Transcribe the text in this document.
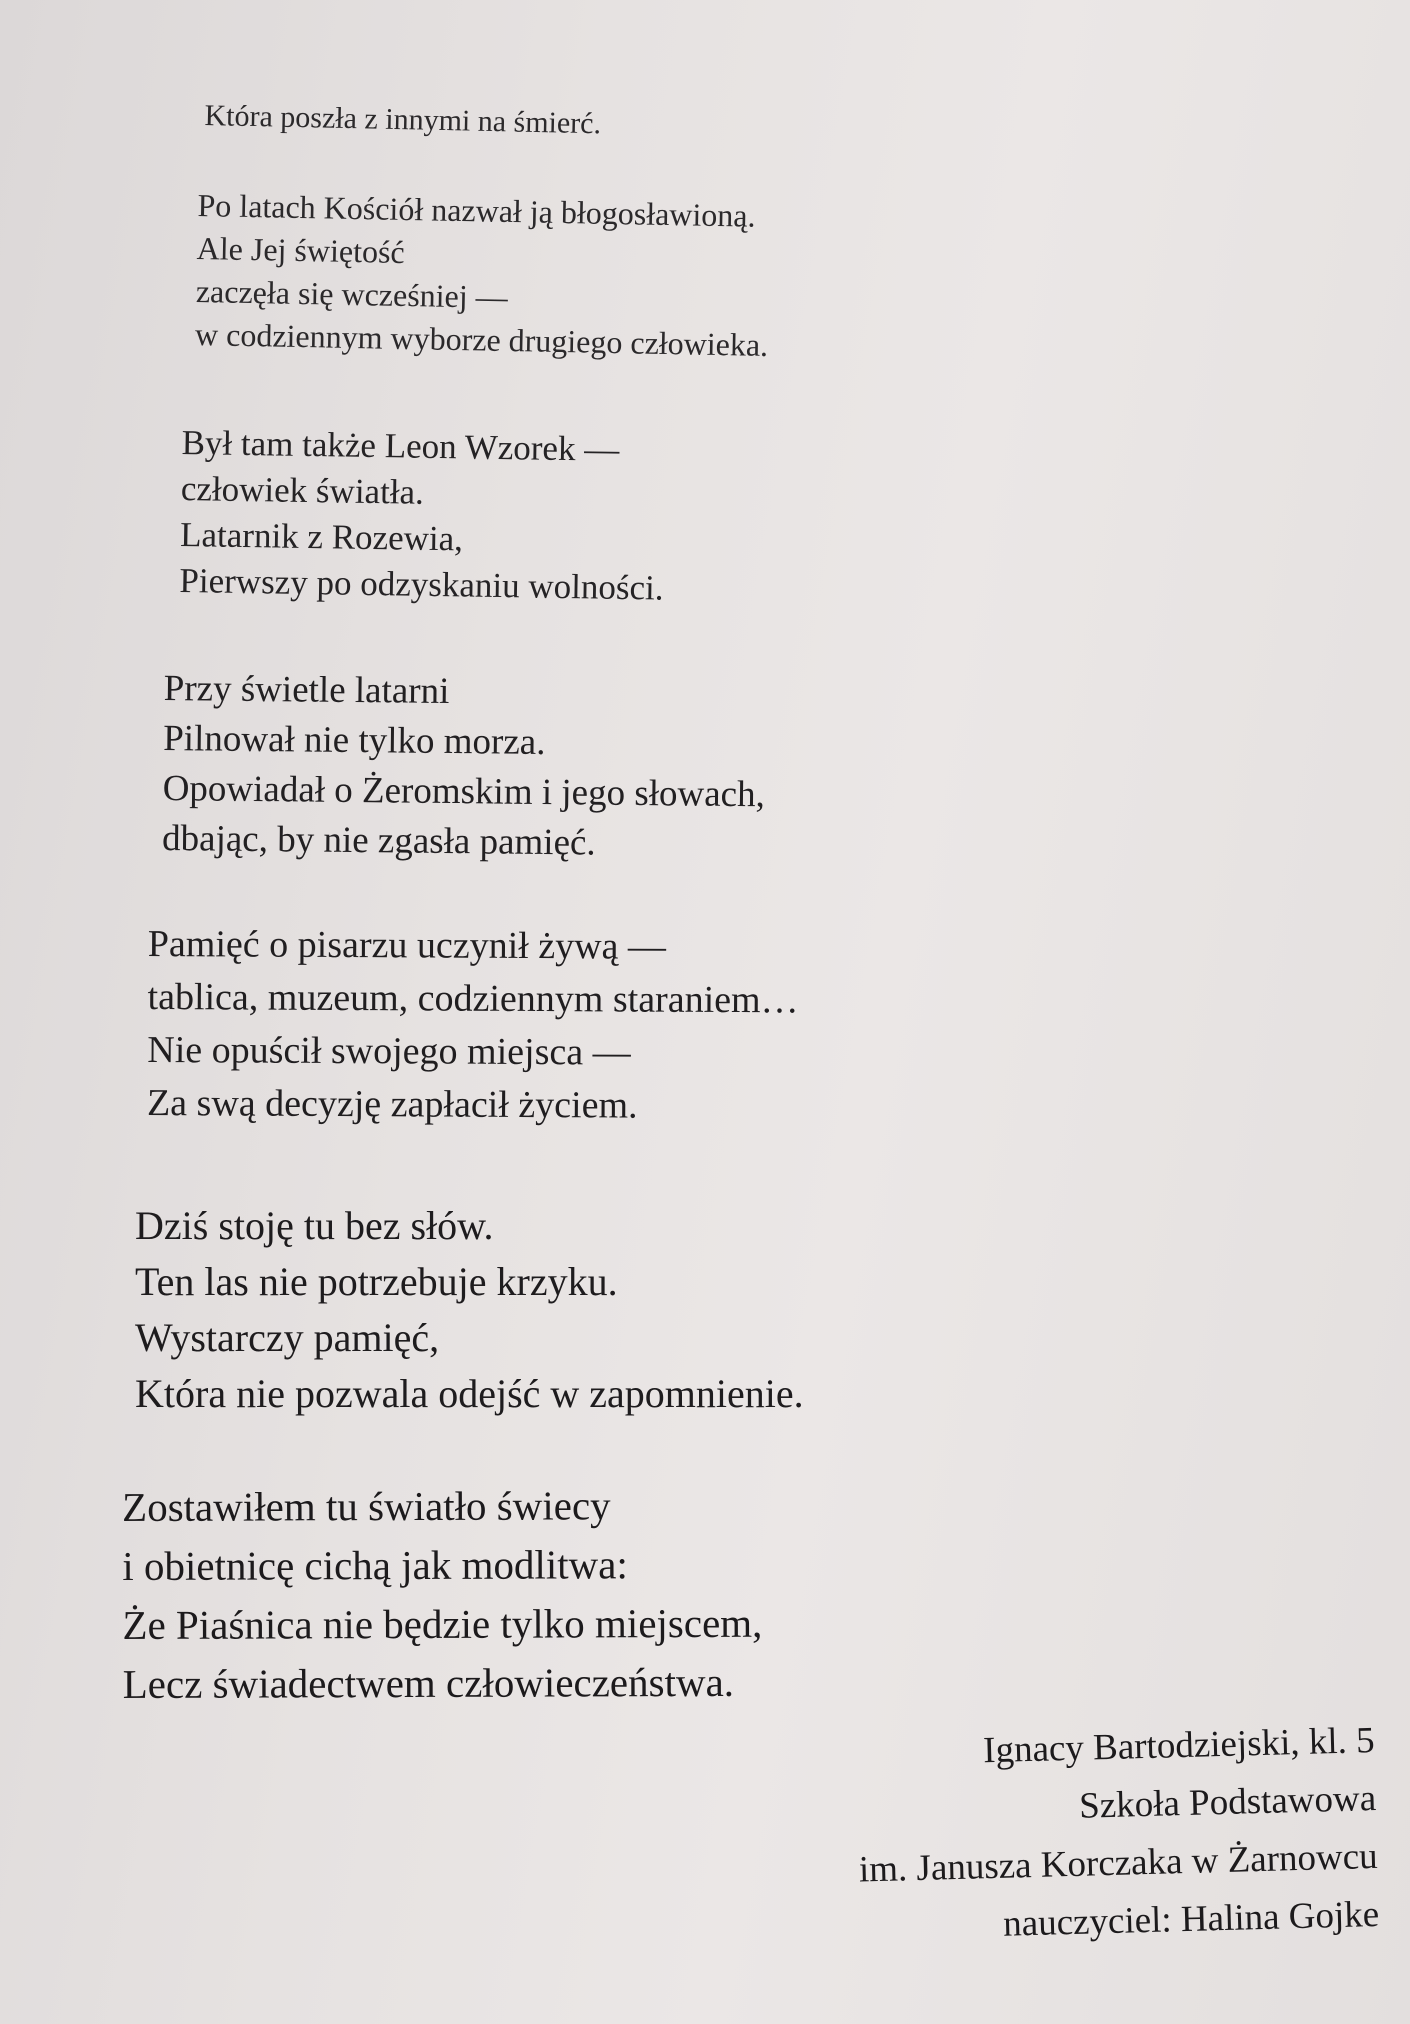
Która poszła z innymi na śmierć.

Po latach Kościół nazwał ją błogosławioną.
Ale Jej świętość
zaczęła się wcześniej —
w codziennym wyborze drugiego człowieka.

Był tam także Leon Wzorek —
człowiek światła.
Latarnik z Rozewia,
Pierwszy po odzyskaniu wolności.

Przy świetle latarni
Pilnował nie tylko morza.
Opowiadał o Żeromskim i jego słowach,
dbając, by nie zgasła pamięć.

Pamięć o pisarzu uczynił żywą —
tablica, muzeum, codziennym staraniem…
Nie opuścił swojego miejsca —
Za swą decyzję zapłacił życiem.

Dziś stoję tu bez słów.
Ten las nie potrzebuje krzyku.
Wystarczy pamięć,
Która nie pozwala odejść w zapomnienie.

Zostawiłem tu światło świecy
i obietnicę cichą jak modlitwa:
Że Piaśnica nie będzie tylko miejscem,
Lecz świadectwem człowieczeństwa.

Ignacy Bartodziejski, kl. 5
Szkoła Podstawowa
im. Janusza Korczaka w Żarnowcu
nauczyciel: Halina Gojke
